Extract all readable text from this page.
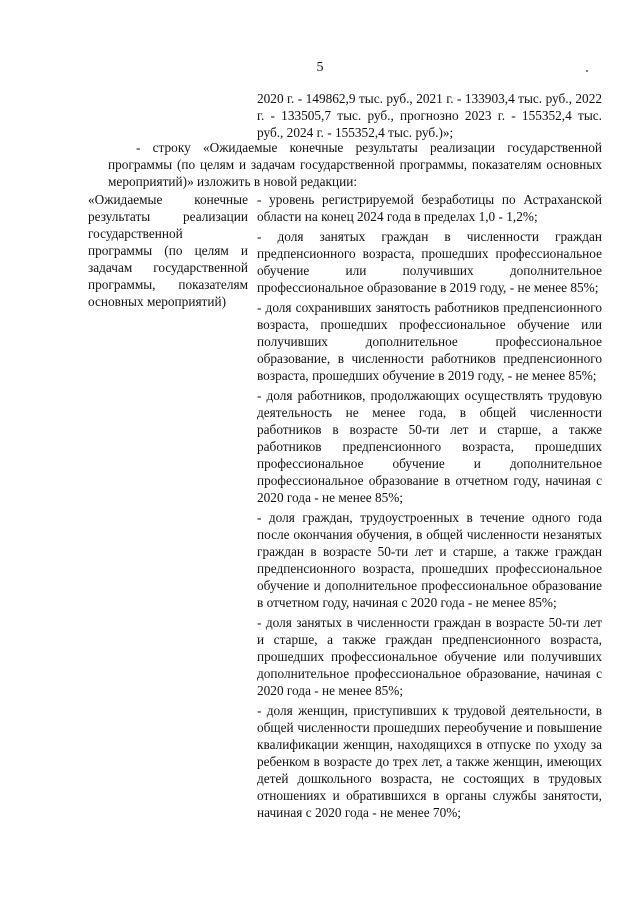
5
2020 г. - 149862,9 тыс. руб., 2021 г. - 133903,4 тыс. руб., 2022 г. - 133505,7 тыс. руб., прогнозно 2023 г. - 155352,4 тыс. руб., 2024 г. - 155352,4 тыс. руб.)»;
- строку «Ожидаемые конечные результаты реализации государственной программы (по целям и задачам государственной программы, показателям основных мероприятий)» изложить в новой редакции:
«Ожидаемые конечные результаты реализации государственной программы (по целям и задачам государственной программы, показателям основных мероприятий)

- уровень регистрируемой безработицы по Астраханской области на конец 2024 года в пределах 1,0 - 1,2%;

- доля занятых граждан в численности граждан предпенсионного возраста, прошедших профессиональное обучение или получивших дополнительное профессиональное образование в 2019 году, - не менее 85%;

- доля сохранивших занятость работников предпенсионного возраста, прошедших профессиональное обучение или получивших дополнительное профессиональное образование, в численности работников предпенсионного возраста, прошедших обучение в 2019 году, - не менее 85%;

- доля работников, продолжающих осуществлять трудовую деятельность не менее года, в общей численности работников в возрасте 50-ти лет и старше, а также работников предпенсионного возраста, прошедших профессиональное обучение и дополнительное профессиональное образование в отчетном году, начиная с 2020 года - не менее 85%;

- доля граждан, трудоустроенных в течение одного года после окончания обучения, в общей численности незанятых граждан в возрасте 50-ти лет и старше, а также граждан предпенсионного возраста, прошедших профессиональное обучение и дополнительное профессиональное образование в отчетном году, начиная с 2020 года - не менее 85%;

- доля занятых в численности граждан в возрасте 50-ти лет и старше, а также граждан предпенсионного возраста, прошедших профессиональное обучение или получивших дополнительное профессиональное образование, начиная с 2020 года - не менее 85%;

- доля женщин, приступивших к трудовой деятельности, в общей численности прошедших переобучение и повышение квалификации женщин, находящихся в отпуске по уходу за ребенком в возрасте до трех лет, а также женщин, имеющих детей дошкольного возраста, не состоящих в трудовых отношениях и обратившихся в органы службы занятости, начиная с 2020 года - не менее 70%;
